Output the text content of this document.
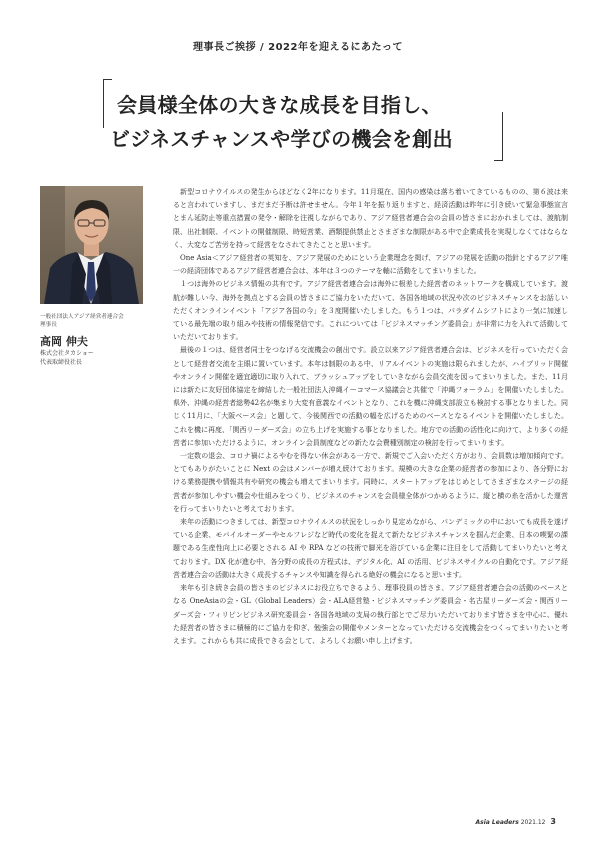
理事長ご挨拶 / 2022年を迎えるにあたって
会員様全体の大きな成長を目指し、
ビジネスチャンスや学びの機会を創出
一般社団法人アジア経営者連合会
理事長
高岡 伸夫
株式会社タカショー
代表取締役社長

新型コロナウイルスの発生からほどなく2年になります。11月現在、国内の感染は落ち着いてきているものの、第６波は来ると言われていますし、まだまだ予断は許せません。今年１年を振り返りますと、経済活動は昨年に引き続いて緊急事態宣言とまん延防止等重点措置の発令・解除を注視しながらであり、アジア経営者連合会の会員の皆さまにおかれましては、渡航制限、出社制限、イベントの開催制限、時短営業、酒類提供禁止とさまざまな制限がある中で企業成長を実現しなくてはならなく、大変なご苦労を持って経営をなされてきたことと思います。

One Asia＜アジア経営者の英知を、アジア発展のためにという企業理念を掲げ、アジアの発展を活動の指針とするアジア唯一の経済団体であるアジア経営者連合会は、本年は３つのテーマを軸に活動をしてまいりました。

１つは海外のビジネス情報の共有です。アジア経営者連合会は海外に根差した経営者のネットワークを構成しています。渡航が難しい今、海外を拠点とする会員の皆さまにご協力をいただいて、各国各地域の状況や次のビジネスチャンスをお話しいただくオンラインイベント「アジア各国の今」を３度開催いたしました。もう１つは、パラダイムシフトにより一気に加速している最先端の取り組みや技術の情報発信です。これについては「ビジネスマッチング委員会」が非常に力を入れて活動していただいております。

最後の１つは、経営者同士をつなげる交流機会の創出です。設立以来アジア経営者連合会は、ビジネスを行っていただく会として経営者交流を主眼に置いています。本年は制限のある中、リアルイベントの実施は限られましたが、ハイブリッド開催やオンライン開催を適宜適切に取り入れて、ブラッシュアップをしていきながら会員交流を図ってまいりました。また、11月には新たに友好団体協定を締結した一般社団法人沖縄イーコマース協議会と共催で「沖縄フォーラム」を開催いたしました。県外、沖縄の経営者総勢42名が集まり大変有意義なイベントとなり、これを機に沖縄支部設立も検討する事となりました。同じく11月に、「大阪ベース会」と題して、今後関西での活動の幅を広げるためのベースとなるイベントを開催いたしました。これを機に再度、「関西リーダーズ会」の立ち上げを実施する事となりました。地方での活動の活性化に向けて、より多くの経営者に参加いただけるように、オンライン会員制度などの新たな会費種別制定の検討を行ってまいります。

一定数の退会、コロナ禍によるやむを得ない休会がある一方で、新規でご入会いただく方がおり、会員数は増加傾向です。とてもありがたいことに Next の会はメンバーが増え続けております。規模の大きな企業の経営者の参加により、各分野における業務提携や情報共有や研究の機会も増えてまいります。同時に、スタートアップをはじめとしてさまざまなステージの経営者が参加しやすい機会や仕組みをつくり、ビジネスのチャンスを会員様全体がつかめるように、縦と横の糸を活かした運営を行ってまいりたいと考えております。

来年の活動につきましては、新型コロナウイルスの状況をしっかり見定めながら、パンデミックの中においても成長を遂げている企業、モバイルオーダーやセルフレジなど時代の変化を捉えて新たなビジネスチャンスを掴んだ企業、日本の喫緊の課題である生産性向上に必要とされる AI や RPA などの技術で脚光を浴びている企業に注目をして活動してまいりたいと考えております。DX 化が進む中、各分野の成長の方程式は、デジタル化、AI の活用、ビジネスサイクルの自動化です。アジア経営者連合会の活動は大きく成長するチャンスや知識を得られる絶好の機会になると思います。

来年も引き続き会員の皆さまのビジネスにお役立ちできるよう、理事役員の皆さま、アジア経営者連合会の活動のベースとなる OneAsiaの会・GL（Global Leaders）会・ALA経営塾・ビジネスマッチング委員会・名古屋リーダーズ会・関西リーダーズ会・フィリピンビジネス研究委員会・各国各地域の支局の執行部とでご尽力いただいております皆さまを中心に、優れた経営者の皆さまに積極的にご協力を仰ぎ、勉強会の開催やメンターとなっていただける交流機会をつくってまいりたいと考えます。これからも共に成長できる会として、よろしくお願い申し上げます。

Asia Leaders 2021.12 3
